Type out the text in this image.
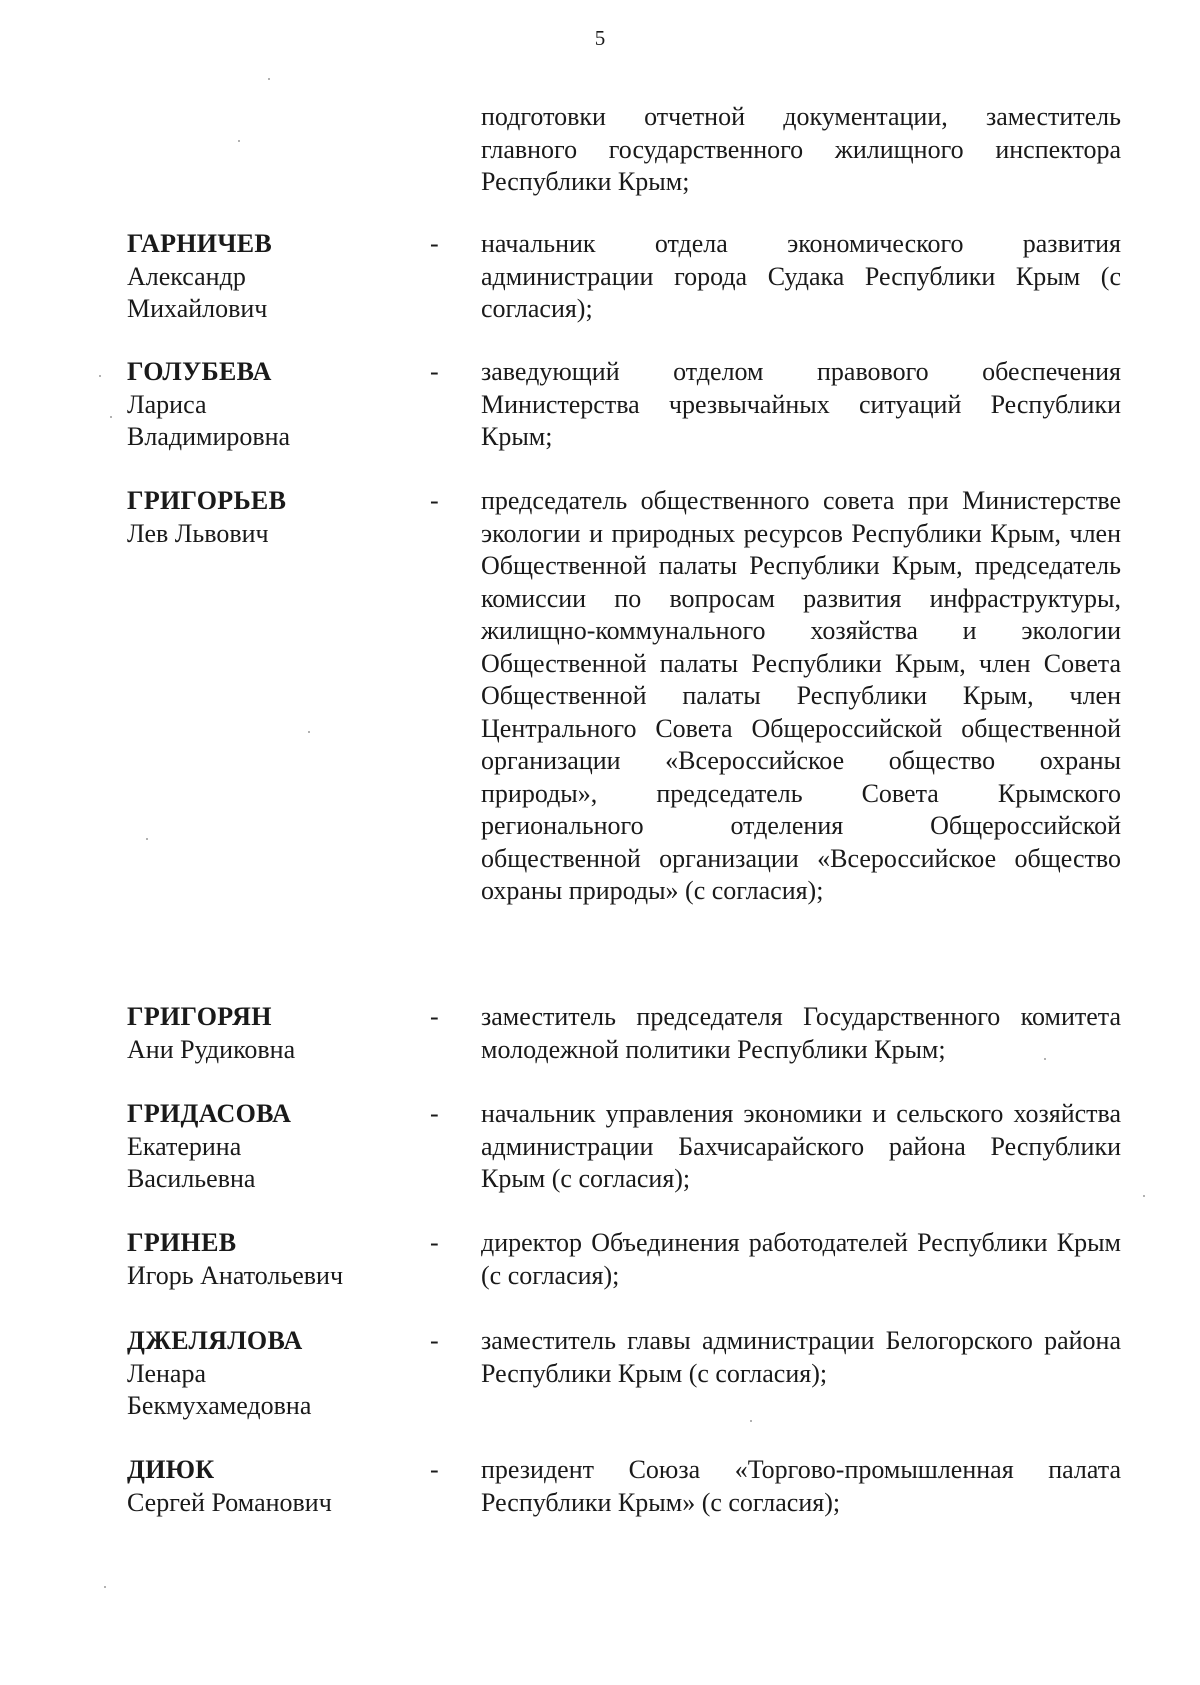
5
подготовки отчетной документации, заместитель главного государственного жилищного инспектора Республики Крым;
ГАРНИЧЕВ
Александр
Михайлович
- начальник отдела экономического развития администрации города Судака Республики Крым (с согласия);
ГОЛУБЕВА
Лариса
Владимировна
- заведующий отделом правового обеспечения Министерства чрезвычайных ситуаций Республики Крым;
ГРИГОРЬЕВ
Лев Львович
- председатель общественного совета при Министерстве экологии и природных ресурсов Республики Крым, член Общественной палаты Республики Крым, председатель комиссии по вопросам развития инфраструктуры, жилищно-коммунального хозяйства и экологии Общественной палаты Республики Крым, член Совета Общественной палаты Республики Крым, член Центрального Совета Общероссийской общественной организации «Всероссийское общество охраны природы», председатель Совета Крымского регионального отделения Общероссийской общественной организации «Всероссийское общество охраны природы» (с согласия);
ГРИГОРЯН
Ани Рудиковна
- заместитель председателя Государственного комитета молодежной политики Республики Крым;
ГРИДАСОВА
Екатерина
Васильевна
- начальник управления экономики и сельского хозяйства администрации Бахчисарайского района Республики Крым (с согласия);
ГРИНЕВ
Игорь Анатольевич
- директор Объединения работодателей Республики Крым (с согласия);
ДЖЕЛЯЛОВА
Ленара
Бекмухамедовна
- заместитель главы администрации Белогорского района Республики Крым (с согласия);
ДИЮК
Сергей Романович
- президент Союза «Торгово-промышленная палата Республики Крым» (с согласия);
